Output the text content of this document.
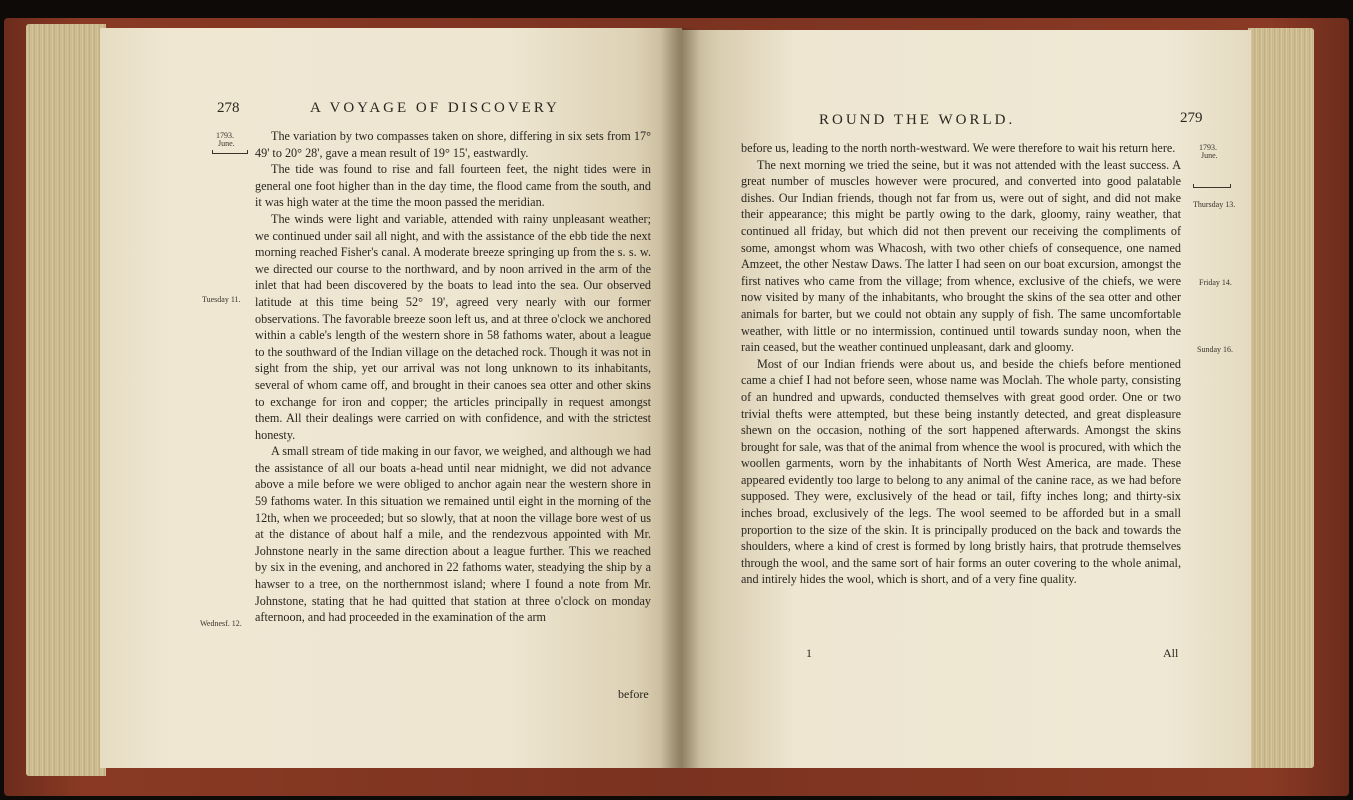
278	A VOYAGE OF DISCOVERY
1793.
June.
Tuesday 11.
Wednesf. 12.

The variation by two compasses taken on shore, differing in six sets from 17° 49' to 20° 28', gave a mean result of 19° 15', eastwardly.

The tide was found to rise and fall fourteen feet, the night tides were in general one foot higher than in the day time, the flood came from the south, and it was high water at the time the moon passed the meridian.

The winds were light and variable, attended with rainy unpleasant weather; we continued under sail all night, and with the assistance of the ebb tide the next morning reached Fisher's canal. A moderate breeze springing up from the s. s. w. we directed our course to the northward, and by noon arrived in the arm of the inlet that had been discovered by the boats to lead into the sea. Our observed latitude at this time being 52° 19', agreed very nearly with our former observations. The favorable breeze soon left us, and at three o'clock we anchored within a cable's length of the western shore in 58 fathoms water, about a league to the southward of the Indian village on the detached rock. Though it was not in sight from the ship, yet our arrival was not long unknown to its inhabitants, several of whom came off, and brought in their canoes sea otter and other skins to exchange for iron and copper; the articles principally in request amongst them. All their dealings were carried on with confidence, and with the strictest honesty.

A small stream of tide making in our favor, we weighed, and although we had the assistance of all our boats a-head until near midnight, we did not advance above a mile before we were obliged to anchor again near the western shore in 59 fathoms water. In this situation we remained until eight in the morning of the 12th, when we proceeded; but so slowly, that at noon the village bore west of us at the distance of about half a mile, and the rendezvous appointed with Mr. Johnstone nearly in the same direction about a league further. This we reached by six in the evening, and anchored in 22 fathoms water, steadying the ship by a hawser to a tree, on the northernmost island; where I found a note from Mr. Johnstone, stating that he had quitted that station at three o'clock on monday afternoon, and had proceeded in the examination of the arm

before
ROUND THE WORLD.	279
1793.
June.
Thursday 13.
Friday 14.
Sunday 16.

before us, leading to the north north-westward. We were therefore to wait his return here.

The next morning we tried the seine, but it was not attended with the least success. A great number of muscles however were procured, and converted into good palatable dishes. Our Indian friends, though not far from us, were out of sight, and did not make their appearance; this might be partly owing to the dark, gloomy, rainy weather, that continued all friday, but which did not then prevent our receiving the compliments of some, amongst whom was Whacosh, with two other chiefs of consequence, one named Amzeet, the other Nestaw Daws. The latter I had seen on our boat excursion, amongst the first natives who came from the village; from whence, exclusive of the chiefs, we were now visited by many of the inhabitants, who brought the skins of the sea otter and other animals for barter, but we could not obtain any supply of fish. The same uncomfortable weather, with little or no intermission, continued until towards sunday noon, when the rain ceased, but the weather continued unpleasant, dark and gloomy.

Most of our Indian friends were about us, and beside the chiefs before mentioned came a chief I had not before seen, whose name was Moclah. The whole party, consisting of an hundred and upwards, conducted themselves with great good order. One or two trivial thefts were attempted, but these being instantly detected, and great displeasure shewn on the occasion, nothing of the sort happened afterwards. Amongst the skins brought for sale, was that of the animal from whence the wool is procured, with which the woollen garments, worn by the inhabitants of North West America, are made. These appeared evidently too large to belong to any animal of the canine race, as we had before supposed. They were, exclusively of the head or tail, fifty inches long; and thirty-six inches broad, exclusively of the legs. The wool seemed to be afforded but in a small proportion to the size of the skin. It is principally produced on the back and towards the shoulders, where a kind of crest is formed by long bristly hairs, that protrude themselves through the wool, and the same sort of hair forms an outer covering to the whole animal, and intirely hides the wool, which is short, and of a very fine quality.

1	All
